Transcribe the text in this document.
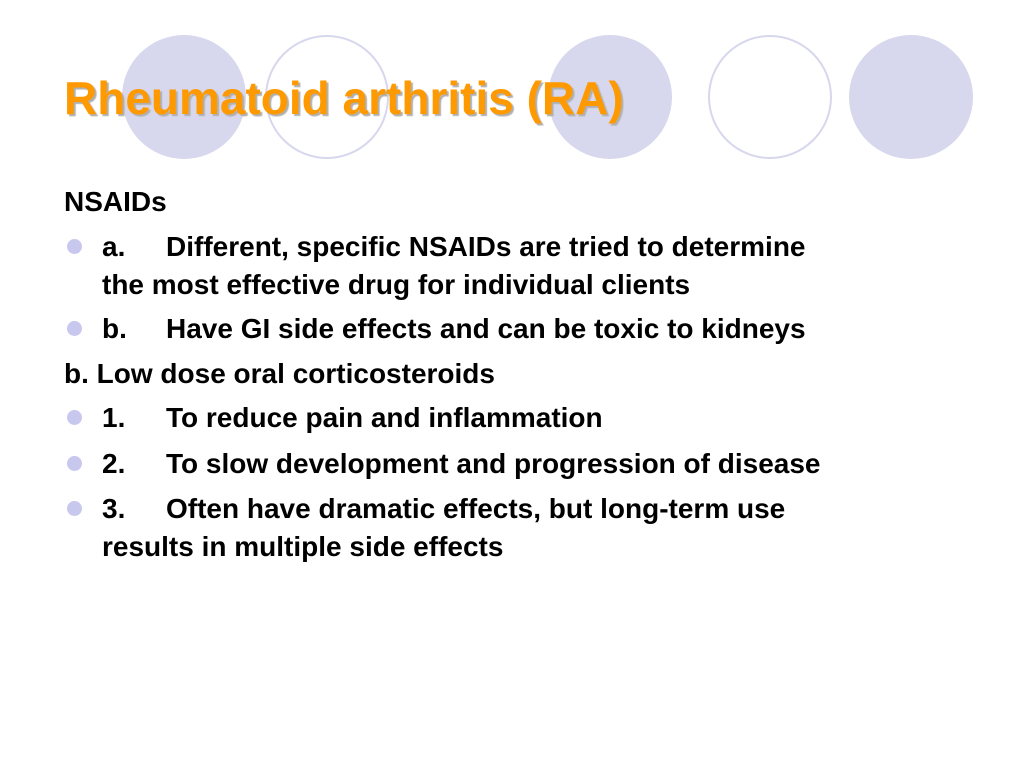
Rheumatoid arthritis (RA)
NSAIDs
a. Different, specific NSAIDs are tried to determine
the most effective drug for individual clients
b. Have GI side effects and can be toxic to kidneys
b. Low dose oral corticosteroids
1. To reduce pain and inflammation
2. To slow development and progression of disease
3. Often have dramatic effects, but long-term use
results in multiple side effects
